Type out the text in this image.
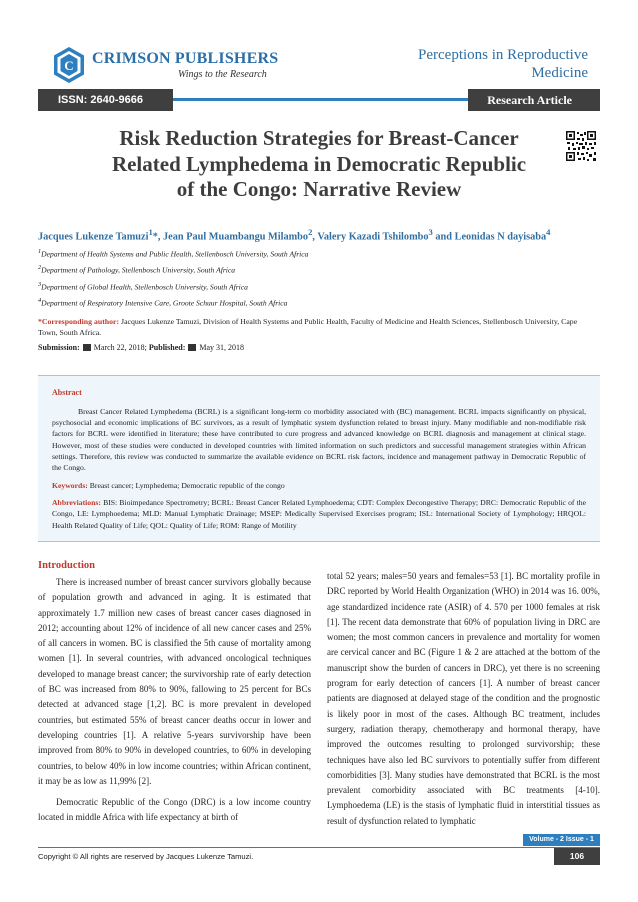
C CRIMSON PUBLISHERS
Wings to the Research
Perceptions in Reproductive
Medicine
ISSN: 2640-9666	Research Article
Risk Reduction Strategies for Breast-Cancer
Related Lymphedema in Democratic Republic
of the Congo: Narrative Review
Jacques Lukenze Tamuzi$^1$*, Jean Paul Muambangu Milambo$^2$, Valery Kazadi Tshilombo$^3$ and Leonidas N dayisaba$^4$
$^1$Department of Health Systems and Public Health, Stellenbosch University, South Africa
$^2$Department of Pathology, Stellenbosch University, South Africa
$^3$Department of Global Health, Stellenbosch University, South Africa
$^4$Department of Respiratory Intensive Care, Groote Schuur Hospital, South Africa
*Corresponding author: Jacques Lukenze Tamuzi, Division of Health Systems and Public Health, Faculty of Medicine and Health Sciences, Stellenbosch University, Cape Town, South Africa.
Submission: March 22, 2018; Published: May 31, 2018
Abstract
Breast Cancer Related Lymphedema (BCRL) is a significant long-term co morbidity associated with (BC) management. BCRL impacts significantly on physical, psychosocial and economic implications of BC survivors, as a result of lymphatic system dysfunction related to breast injury. Many modifiable and non-modifiable risk factors for BCRL were identified in literature; these have contributed to cure progress and advanced knowledge on BCRL diagnosis and management at clinical stage. However, most of these studies were conducted in developed countries with limited information on such predictors and successful management strategies within African settings. Therefore, this review was conducted to summarize the available evidence on BCRL risk factors, incidence and management pathway in Democratic Republic of the Congo.
Keywords: Breast cancer; Lymphedema; Democratic republic of the congo
Abbreviations: BIS: Bioimpedance Spectrometry; BCRL: Breast Cancer Related Lymphoedema; CDT: Complex Decongestive Therapy; DRC: Democratic Republic of the Congo, LE: Lymphoedema; MLD: Manual Lymphatic Drainage; MSEP: Medically Supervised Exercises program; ISL: International Society of Lymphology; HRQOL: Health Related Quality of Life; QOL: Quality of Life; ROM: Range of Motility
Introduction

There is increased number of breast cancer survivors globally because of population growth and advanced in aging. It is estimated that approximately 1.7 million new cases of breast cancer cases diagnosed in 2012; accounting about 12% of incidence of all new cancer cases and 25% of all cancers in women. BC is classified the 5th cause of mortality among women [1]. In several countries, with advanced oncological techniques developed to manage breast cancer; the survivorship rate of early detection of BC was increased from 80% to 90%, fallowing to 25 percent for BCs detected at advanced stage [1,2]. BC is more prevalent in developed countries, but estimated 55% of breast cancer deaths occur in lower and developing countries [1]. A relative 5-years survivorship have been improved from 80% to 90% in developed countries, to 60% in developing countries, to below 40% in low income countries; within African continent, it may be as low as 11,99% [2].

Democratic Republic of the Congo (DRC) is a low income country located in middle Africa with life expectancy at birth of

total 52 years; males=50 years and females=53 [1]. BC mortality profile in DRC reported by World Health Organization (WHO) in 2014 was 16. 00%, age standardized incidence rate (ASIR) of 4. 570 per 1000 females at risk [1]. The recent data demonstrate that 60% of population living in DRC are women; the most common cancers in prevalence and mortality for women are cervical cancer and BC (Figure 1 & 2 are attached at the bottom of the manuscript show the burden of cancers in DRC), yet there is no screening program for early detection of cancers [1]. A number of breast cancer patients are diagnosed at delayed stage of the condition and the prognostic is likely poor in most of the cases. Although BC treatment, includes surgery, radiation therapy, chemotherapy and hormonal therapy, have improved the outcomes resulting to prolonged survivorship; these techniques have also led BC survivors to potentially suffer from different comorbidities [3]. Many studies have demonstrated that BCRL is the most prevalent comorbidity associated with BC treatments [4-10]. Lymphoedema (LE) is the stasis of lymphatic fluid in interstitial tissues as result of dysfunction related to lymphatic

Volume - 2 Issue - 1
Copyright © All rights are reserved by Jacques Lukenze Tamuzi.	106
